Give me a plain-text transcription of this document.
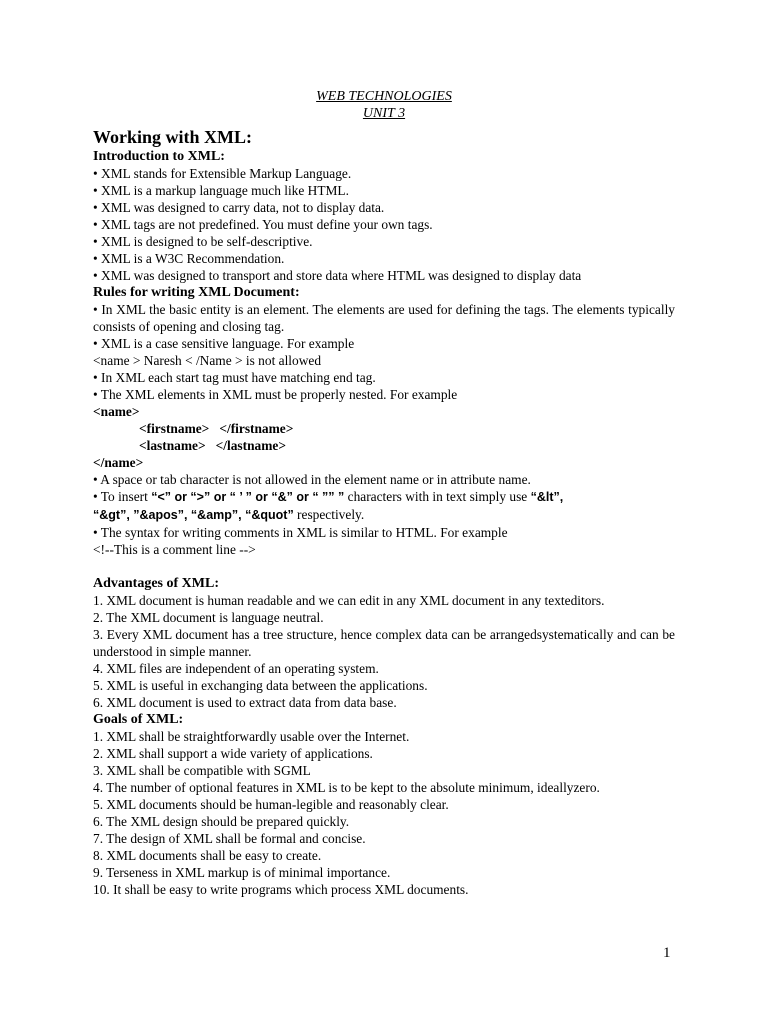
WEB TECHNOLOGIES
UNIT 3
Working with XML:
Introduction to XML:
• XML stands for Extensible Markup Language.
• XML is a markup language much like HTML.
• XML was designed to carry data, not to display data.
• XML tags are not predefined. You must define your own tags.
• XML is designed to be self-descriptive.
• XML is a W3C Recommendation.
• XML was designed to transport and store data where HTML was designed to display data
Rules for writing XML Document:
• In XML the basic entity is an element. The elements are used for defining the tags. The elements typically consists of opening and closing tag.
• XML is a case sensitive language. For example
<name > Naresh < /Name > is not allowed
• In XML each start tag must have matching end tag.
• The XML elements in XML must be properly nested. For example
<name>
<firstname> </firstname>
<lastname> </lastname>
</name>
• A space or tab character is not allowed in the element name or in attribute name.
• To insert “<” or “>” or “ ’ ” or “&” or “ ”” ” characters with in text simply use “&lt”,
“&gt”, ”&apos”, “&amp”, “&quot” respectively.
• The syntax for writing comments in XML is similar to HTML. For example
<!--This is a comment line -->
Advantages of XML:
1. XML document is human readable and we can edit in any XML document in any texteditors.
2. The XML document is language neutral.
3. Every XML document has a tree structure, hence complex data can be arrangedsystematically and can be understood in simple manner.
4. XML files are independent of an operating system.
5. XML is useful in exchanging data between the applications.
6. XML document is used to extract data from data base.
Goals of XML:
1. XML shall be straightforwardly usable over the Internet.
2. XML shall support a wide variety of applications.
3. XML shall be compatible with SGML
4. The number of optional features in XML is to be kept to the absolute minimum, ideallyzero.
5. XML documents should be human-legible and reasonably clear.
6. The XML design should be prepared quickly.
7. The design of XML shall be formal and concise.
8. XML documents shall be easy to create.
9. Terseness in XML markup is of minimal importance.
10. It shall be easy to write programs which process XML documents.
1
